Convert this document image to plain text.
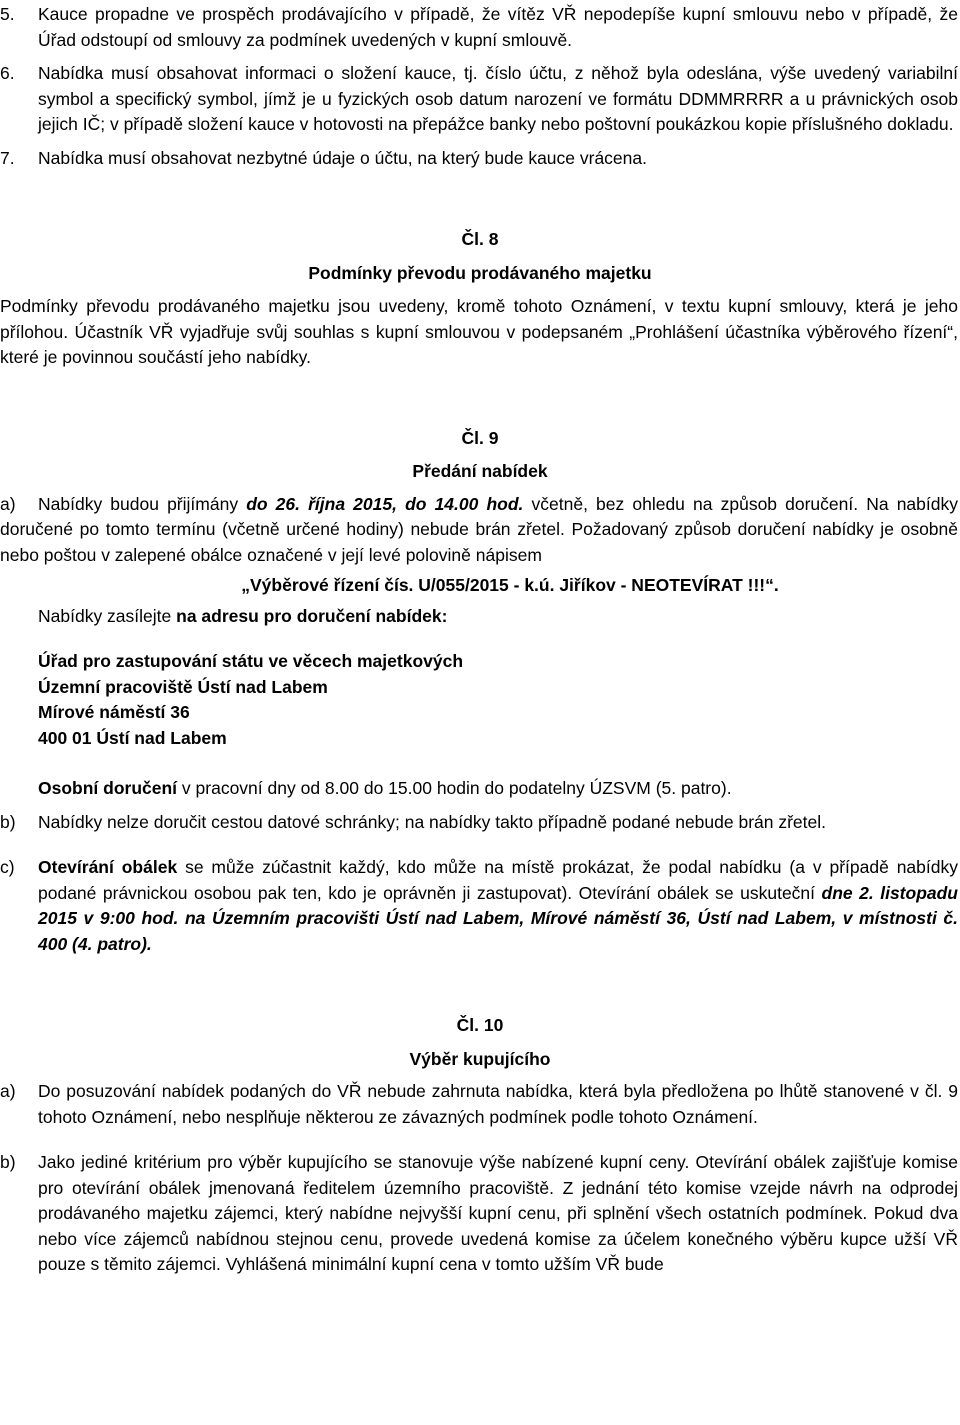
5.	Kauce propadne ve prospěch prodávajícího v případě, že vítěz VŘ nepodepíše kupní smlouvu nebo v případě, že Úřad odstoupí od smlouvy za podmínek uvedených v kupní smlouvě.
6.	Nabídka musí obsahovat informaci o složení kauce, tj. číslo účtu, z něhož byla odeslána, výše uvedený variabilní symbol a specifický symbol, jímž je u fyzických osob datum narození ve formátu DDMMRRRR a u právnických osob jejich IČ; v případě složení kauce v hotovosti na přepážce banky nebo poštovní poukázkou kopie příslušného dokladu.
7.	Nabídka musí obsahovat nezbytné údaje o účtu, na který bude kauce vrácena.
Čl. 8
Podmínky převodu prodávaného majetku
Podmínky převodu prodávaného majetku jsou uvedeny, kromě tohoto Oznámení, v textu kupní smlouvy, která je jeho přílohou. Účastník VŘ vyjadřuje svůj souhlas s kupní smlouvou v podepsaném „Prohlášení účastníka výběrového řízení“, které je povinnou součástí jeho nabídky.
Čl. 9
Předání nabídek
a) Nabídky budou přijímány do 26. října 2015, do 14.00 hod. včetně, bez ohledu na způsob doručení. Na nabídky doručené po tomto termínu (včetně určené hodiny) nebude brán zřetel. Požadovaný způsob doručení nabídky je osobně nebo poštou v zalepené obálce označené v její levé polovině nápisem
„Výběrové řízení čís. U/055/2015 - k.ú. Jiříkov - NEOTEVÍRAT !!!“.
Nabídky zasílejte na adresu pro doručení nabídek:
Úřad pro zastupování státu ve věcech majetkových
Územní pracoviště Ústí nad Labem
Mírové náměstí 36
400 01 Ústí nad Labem
Osobní doručení v pracovní dny od 8.00 do 15.00 hodin do podatelny ÚZSVM (5. patro).
b)	Nabídky nelze doručit cestou datové schránky; na nabídky takto případně podané nebude brán zřetel.
c)	Otevírání obálek se může zúčastnit každý, kdo může na místě prokázat, že podal nabídku (a v případě nabídky podané právnickou osobou pak ten, kdo je oprávněn ji zastupovat). Otevírání obálek se uskuteční dne 2. listopadu 2015 v 9:00 hod. na Územním pracovišti Ústí nad Labem, Mírové náměstí 36, Ústí nad Labem, v místnosti č. 400 (4. patro).
Čl. 10
Výběr kupujícího
a)	Do posuzování nabídek podaných do VŘ nebude zahrnuta nabídka, která byla předložena po lhůtě stanovené v čl. 9 tohoto Oznámení, nebo nesplňuje některou ze závazných podmínek podle tohoto Oznámení.
b)	Jako jediné kritérium pro výběr kupujícího se stanovuje výše nabízené kupní ceny. Otevírání obálek zajišťuje komise pro otevírání obálek jmenovaná ředitelem územního pracoviště. Z jednání této komise vzejde návrh na odprodej prodávaného majetku zájemci, který nabídne nejvyšší kupní cenu, při splnění všech ostatních podmínek. Pokud dva nebo více zájemců nabídnou stejnou cenu, provede uvedená komise za účelem konečného výběru kupce užší VŘ pouze s těmito zájemci. Vyhlášená minimální kupní cena v tomto užším VŘ bude
